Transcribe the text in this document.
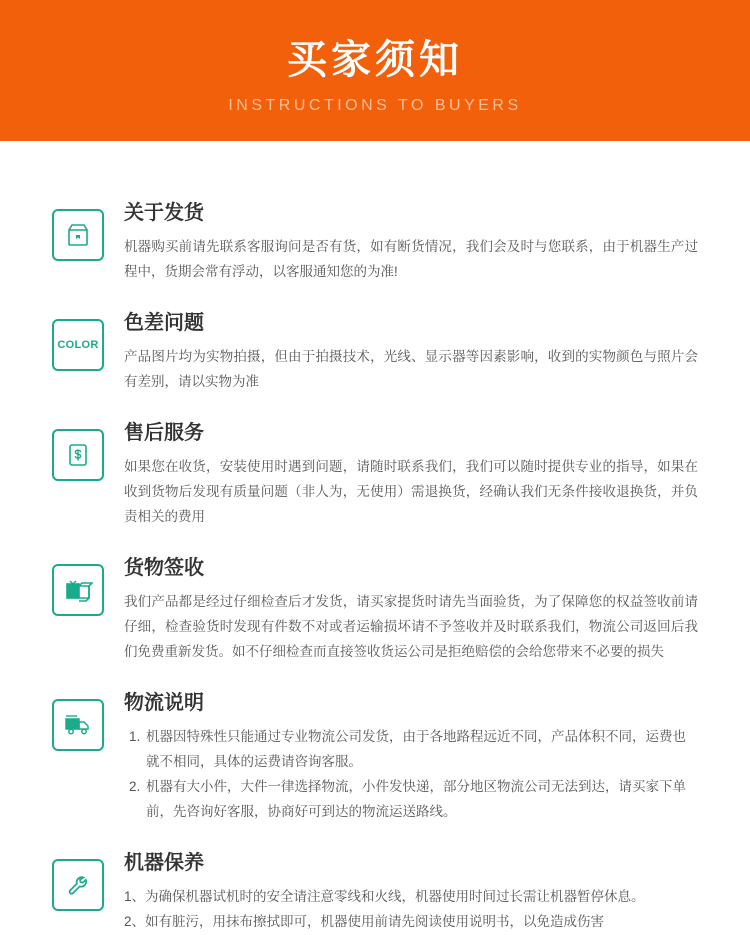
买家须知
INSTRUCTIONS TO BUYERS
关于发货

机器购买前请先联系客服询问是否有货，如有断货情况，我们会及时与您联系，由于机器生产过程中，货期会常有浮动，以客服通知您的为准!

COLOR
色差问题

产品图片均为实物拍摄，但由于拍摄技术，光线、显示器等因素影响，收到的实物颜色与照片会有差别，请以实物为准

售后服务

如果您在收货，安装使用时遇到问题，请随时联系我们，我们可以随时提供专业的指导，如果在收到货物后发现有质量问题（非人为，无使用）需退换货，经确认我们无条件接收退换货，并负责相关的费用

货物签收

我们产品都是经过仔细检查后才发货，请买家提货时请先当面验货，为了保障您的权益签收前请仔细，检查验货时发现有件数不对或者运输损坏请不予签收并及时联系我们，物流公司返回后我们免费重新发货。如不仔细检查而直接签收货运公司是拒绝赔偿的会给您带来不必要的损失

物流说明
1. 机器因特殊性只能通过专业物流公司发货，由于各地路程远近不同，产品体积不同，运费也就不相同，具体的运费请咨询客服。
2. 机器有大小件，大件一律选择物流，小件发快递，部分地区物流公司无法到达，请买家下单前，先咨询好客服，协商好可到达的物流运送路线。
机器保养
1、为确保机器试机时的安全请注意零线和火线，机器使用时间过长需让机器暂停休息。
2、如有脏污，用抹布擦拭即可，机器使用前请先阅读使用说明书，以免造成伤害
